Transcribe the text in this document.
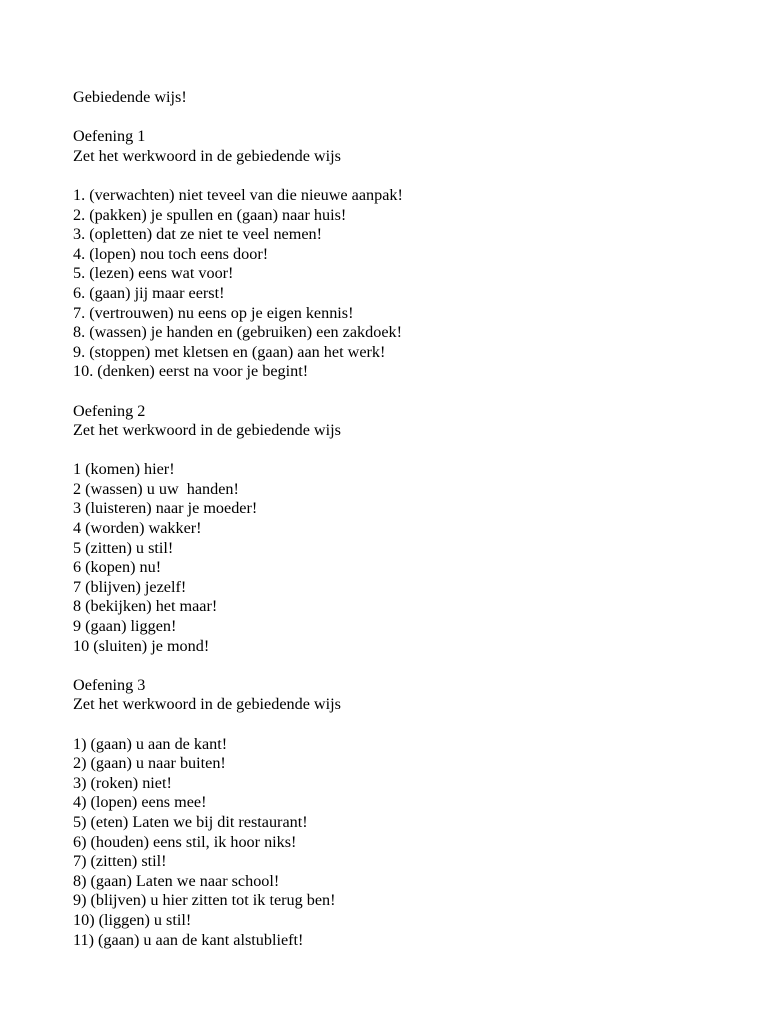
Gebiedende wijs!
Oefening 1
Zet het werkwoord in de gebiedende wijs
1. (verwachten) niet teveel van die nieuwe aanpak!
2. (pakken) je spullen en (gaan) naar huis!
3. (opletten) dat ze niet te veel nemen!
4. (lopen) nou toch eens door!
5. (lezen) eens wat voor!
6. (gaan) jij maar eerst!
7. (vertrouwen) nu eens op je eigen kennis!
8. (wassen) je handen en (gebruiken) een zakdoek!
9. (stoppen) met kletsen en (gaan) aan het werk!
10. (denken) eerst na voor je begint!
Oefening 2
Zet het werkwoord in de gebiedende wijs
1 (komen) hier!
2 (wassen) u uw  handen!
3 (luisteren) naar je moeder!
4 (worden) wakker!
5 (zitten) u stil!
6 (kopen) nu!
7 (blijven) jezelf!
8 (bekijken) het maar!
9 (gaan) liggen!
10 (sluiten) je mond!
Oefening 3
Zet het werkwoord in de gebiedende wijs
1) (gaan) u aan de kant!
2) (gaan) u naar buiten!
3) (roken) niet!
4) (lopen) eens mee!
5) (eten) Laten we bij dit restaurant!
6) (houden) eens stil, ik hoor niks!
7) (zitten) stil!
8) (gaan) Laten we naar school!
9) (blijven) u hier zitten tot ik terug ben!
10) (liggen) u stil!
11) (gaan) u aan de kant alstublieft!
